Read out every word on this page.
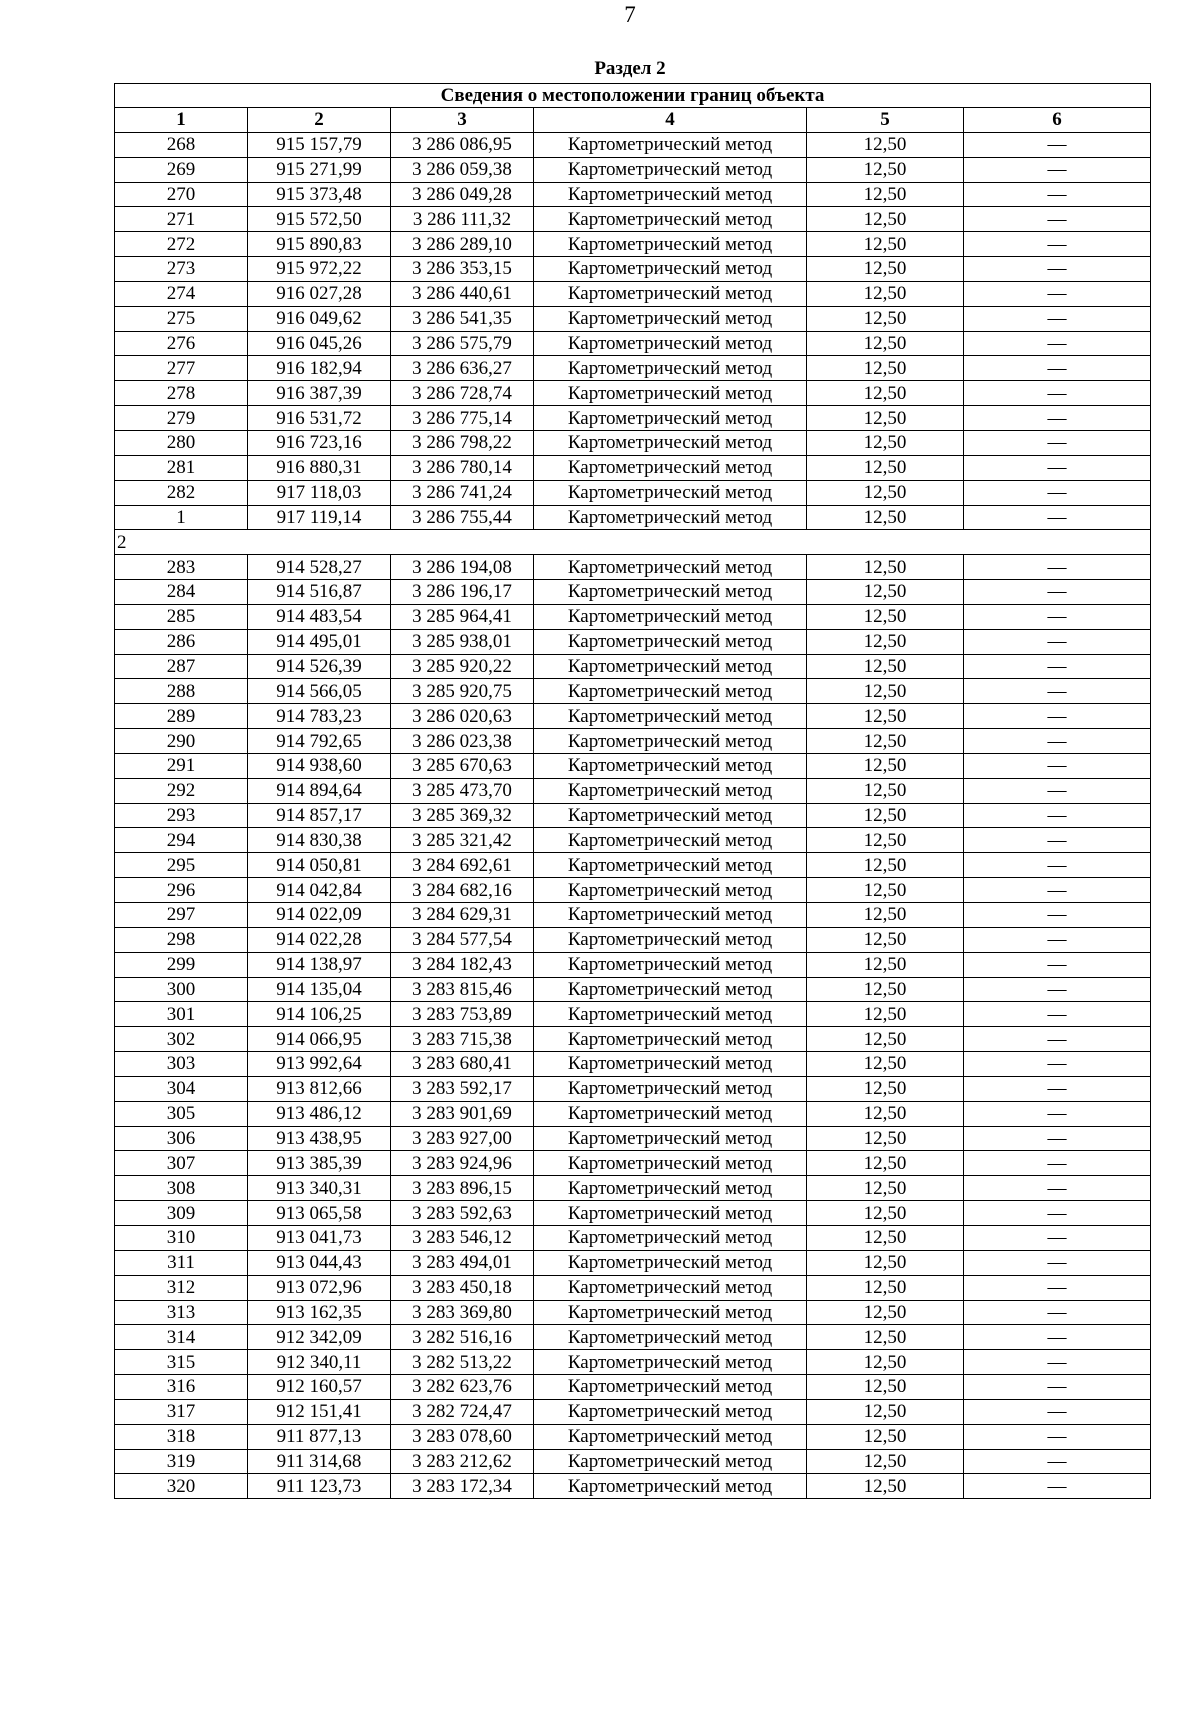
7
Раздел 2
Сведения о местоположении границ объекта					
1	2	3	4	5	6
268	915 157,79	3 286 086,95	Картометрический метод	12,50	—
269	915 271,99	3 286 059,38	Картометрический метод	12,50	—
270	915 373,48	3 286 049,28	Картометрический метод	12,50	—
271	915 572,50	3 286 111,32	Картометрический метод	12,50	—
272	915 890,83	3 286 289,10	Картометрический метод	12,50	—
273	915 972,22	3 286 353,15	Картометрический метод	12,50	—
274	916 027,28	3 286 440,61	Картометрический метод	12,50	—
275	916 049,62	3 286 541,35	Картометрический метод	12,50	—
276	916 045,26	3 286 575,79	Картометрический метод	12,50	—
277	916 182,94	3 286 636,27	Картометрический метод	12,50	—
278	916 387,39	3 286 728,74	Картометрический метод	12,50	—
279	916 531,72	3 286 775,14	Картометрический метод	12,50	—
280	916 723,16	3 286 798,22	Картометрический метод	12,50	—
281	916 880,31	3 286 780,14	Картометрический метод	12,50	—
282	917 118,03	3 286 741,24	Картометрический метод	12,50	—
1	917 119,14	3 286 755,44	Картометрический метод	12,50	—
2					
283	914 528,27	3 286 194,08	Картометрический метод	12,50	—
284	914 516,87	3 286 196,17	Картометрический метод	12,50	—
285	914 483,54	3 285 964,41	Картометрический метод	12,50	—
286	914 495,01	3 285 938,01	Картометрический метод	12,50	—
287	914 526,39	3 285 920,22	Картометрический метод	12,50	—
288	914 566,05	3 285 920,75	Картометрический метод	12,50	—
289	914 783,23	3 286 020,63	Картометрический метод	12,50	—
290	914 792,65	3 286 023,38	Картометрический метод	12,50	—
291	914 938,60	3 285 670,63	Картометрический метод	12,50	—
292	914 894,64	3 285 473,70	Картометрический метод	12,50	—
293	914 857,17	3 285 369,32	Картометрический метод	12,50	—
294	914 830,38	3 285 321,42	Картометрический метод	12,50	—
295	914 050,81	3 284 692,61	Картометрический метод	12,50	—
296	914 042,84	3 284 682,16	Картометрический метод	12,50	—
297	914 022,09	3 284 629,31	Картометрический метод	12,50	—
298	914 022,28	3 284 577,54	Картометрический метод	12,50	—
299	914 138,97	3 284 182,43	Картометрический метод	12,50	—
300	914 135,04	3 283 815,46	Картометрический метод	12,50	—
301	914 106,25	3 283 753,89	Картометрический метод	12,50	—
302	914 066,95	3 283 715,38	Картометрический метод	12,50	—
303	913 992,64	3 283 680,41	Картометрический метод	12,50	—
304	913 812,66	3 283 592,17	Картометрический метод	12,50	—
305	913 486,12	3 283 901,69	Картометрический метод	12,50	—
306	913 438,95	3 283 927,00	Картометрический метод	12,50	—
307	913 385,39	3 283 924,96	Картометрический метод	12,50	—
308	913 340,31	3 283 896,15	Картометрический метод	12,50	—
309	913 065,58	3 283 592,63	Картометрический метод	12,50	—
310	913 041,73	3 283 546,12	Картометрический метод	12,50	—
311	913 044,43	3 283 494,01	Картометрический метод	12,50	—
312	913 072,96	3 283 450,18	Картометрический метод	12,50	—
313	913 162,35	3 283 369,80	Картометрический метод	12,50	—
314	912 342,09	3 282 516,16	Картометрический метод	12,50	—
315	912 340,11	3 282 513,22	Картометрический метод	12,50	—
316	912 160,57	3 282 623,76	Картометрический метод	12,50	—
317	912 151,41	3 282 724,47	Картометрический метод	12,50	—
318	911 877,13	3 283 078,60	Картометрический метод	12,50	—
319	911 314,68	3 283 212,62	Картометрический метод	12,50	—
320	911 123,73	3 283 172,34	Картометрический метод	12,50	—
